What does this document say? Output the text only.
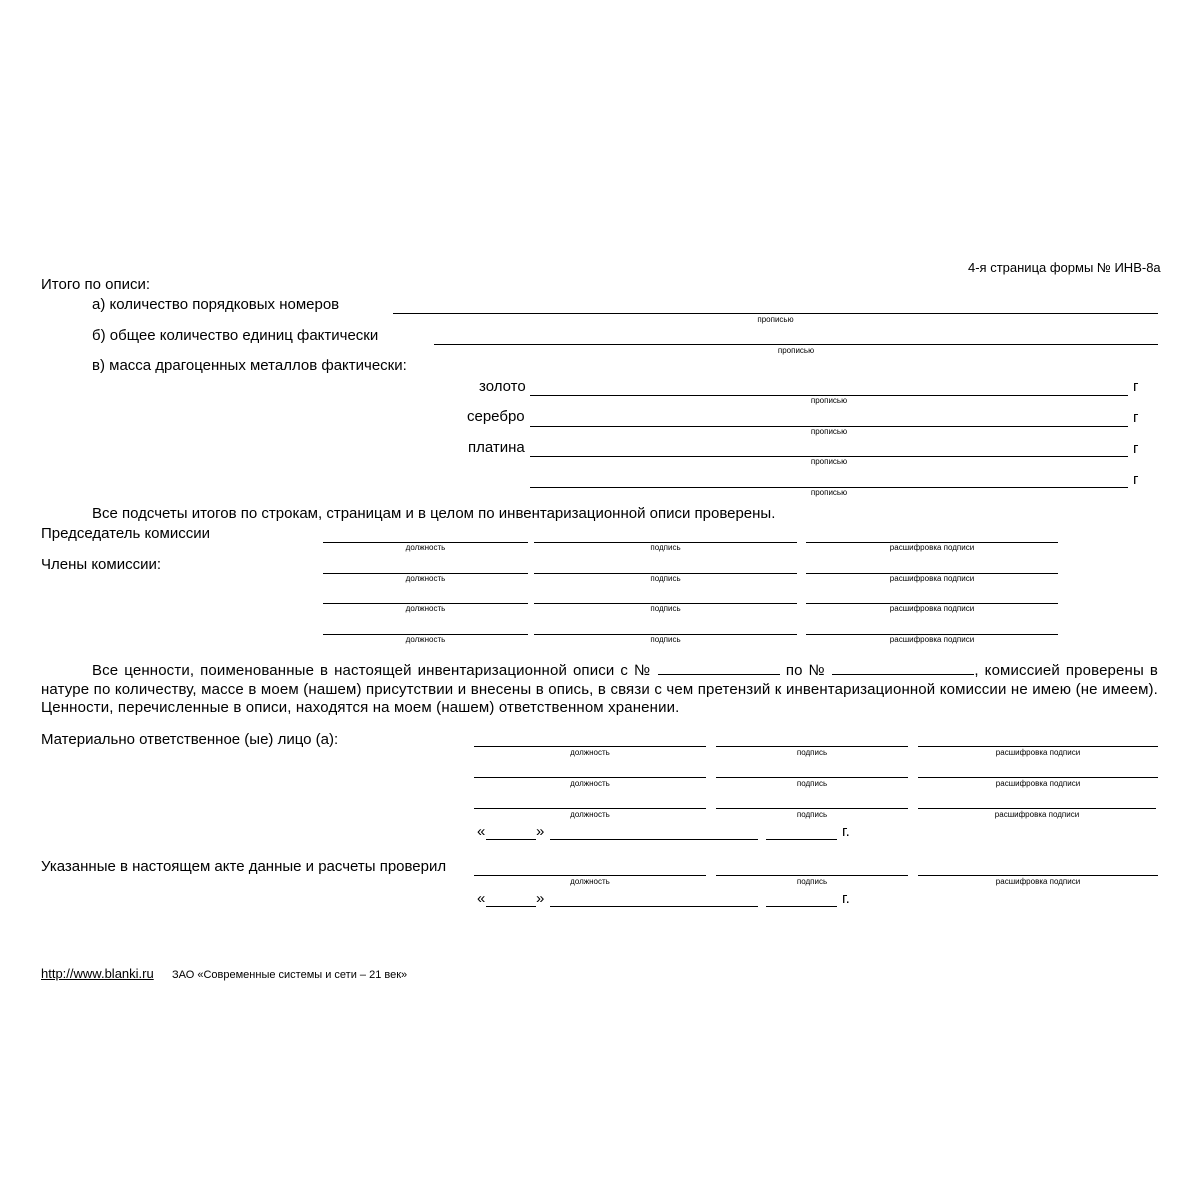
4-я страница формы № ИНВ-8а
Итого по описи:
а) количество порядковых номеров
прописью
б) общее количество единиц фактически
прописью
в) масса драгоценных металлов фактически:
золото	г
прописью
серебро	г
прописью
платина	г
прописью
г
прописью
Все подсчеты итогов по строкам, страницам и в целом по инвентаризационной описи проверены.
Председатель комиссии
Члены комиссии:
должность	подпись	расшифровка подписи
должность	подпись	расшифровка подписи
должность	подпись	расшифровка подписи
должность	подпись	расшифровка подписи
Все ценности, поименованные в настоящей инвентаризационной описи с №	по №	, комиссией проверены в натуре по количеству, массе в моем (нашем) присутствии и внесены в опись, в связи с чем претензий к инвентаризационной комиссии не имею (не имеем). Ценности, перечисленные в описи, находятся на моем (нашем) ответственном хранении.
Материально ответственное (ые) лицо (а):
должность	подпись	расшифровка подписи
должность	подпись	расшифровка подписи
должность	подпись	расшифровка подписи
«	»	г.
Указанные в настоящем акте данные и расчеты проверил
должность	подпись	расшифровка подписи
«	»	г.
http://www.blanki.ru ЗАО «Современные системы и сети – 21 век»
